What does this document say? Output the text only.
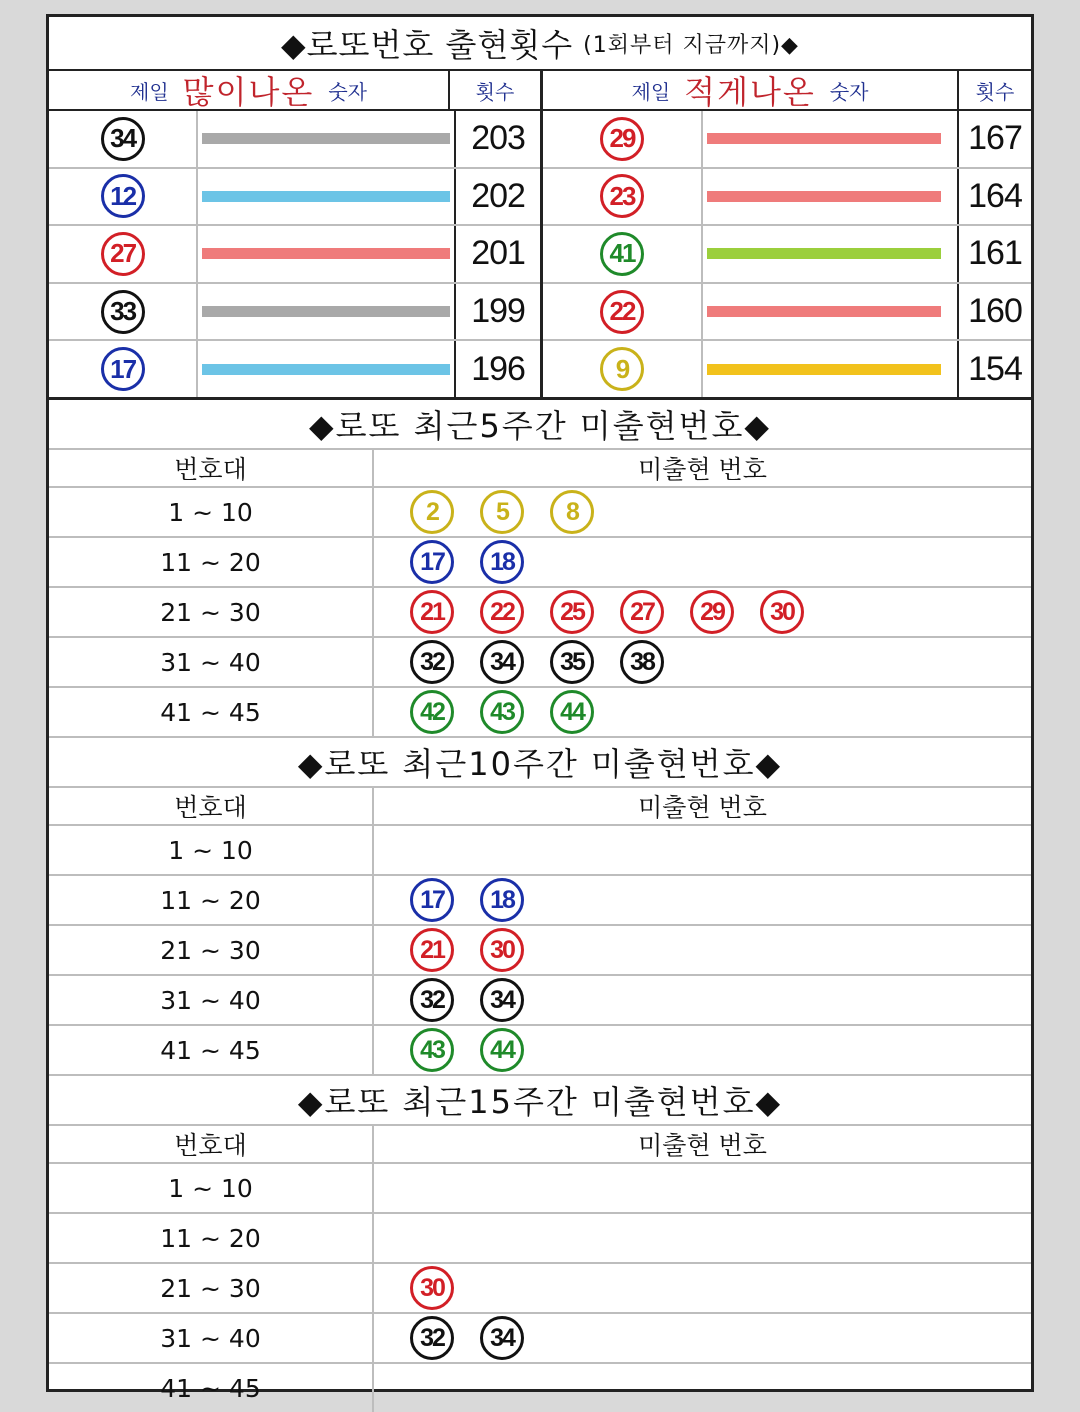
◆로또번호 출현횟수 (1회부터 지금까지)◆
제일 많이나온 숫자	횟수
34	203
12	202
27	201
33	199
17	196
제일 적게나온 숫자	횟수
29	167
23	164
41	161
22	160
9	154
◆로또 최근5주간 미출현번호◆
번호대	미출현 번호
1 ~ 10	2	5	8
11 ~ 20	17	18
21 ~ 30	21	22	25	27	29	30
31 ~ 40	32	34	35	38
41 ~ 45	42	43	44
◆로또 최근10주간 미출현번호◆
번호대	미출현 번호
1 ~ 10
11 ~ 20	17	18
21 ~ 30	21	30
31 ~ 40	32	34
41 ~ 45	43	44
◆로또 최근15주간 미출현번호◆
번호대	미출현 번호
1 ~ 10
11 ~ 20
21 ~ 30	30
31 ~ 40	32	34
41 ~ 45
